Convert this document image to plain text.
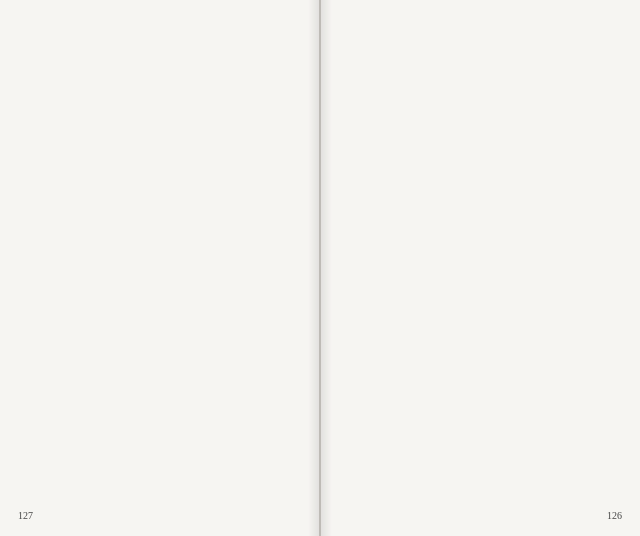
127	126
